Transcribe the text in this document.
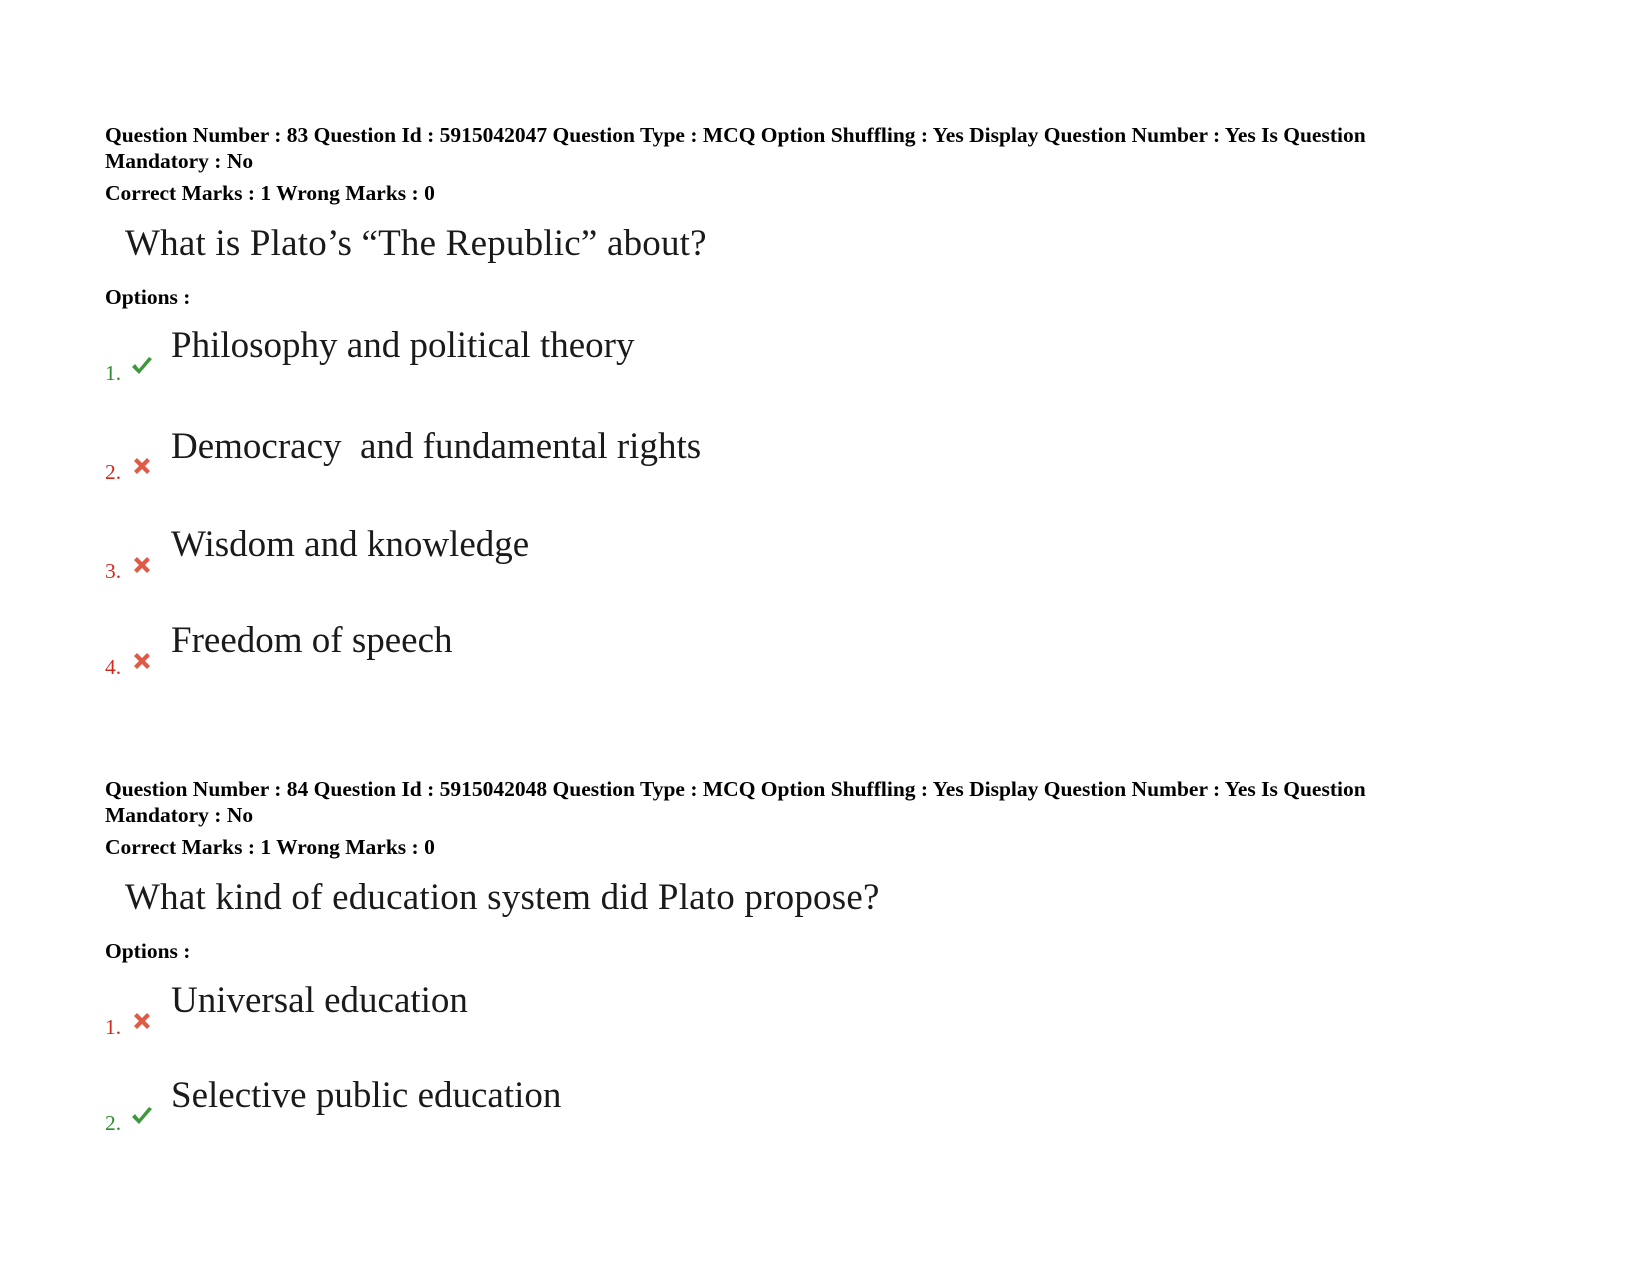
Question Number : 83 Question Id : 5915042047 Question Type : MCQ Option Shuffling : Yes Display Question Number : Yes Is Question
Mandatory : No
Correct Marks : 1 Wrong Marks : 0
What is Plato’s “The Republic” about?
Options :
1.
Philosophy and political theory
2.
Democracy  and fundamental rights
3.
Wisdom and knowledge
4.
Freedom of speech
Question Number : 84 Question Id : 5915042048 Question Type : MCQ Option Shuffling : Yes Display Question Number : Yes Is Question
Mandatory : No
Correct Marks : 1 Wrong Marks : 0
What kind of education system did Plato propose?
Options :
1.
Universal education
2.
Selective public education
